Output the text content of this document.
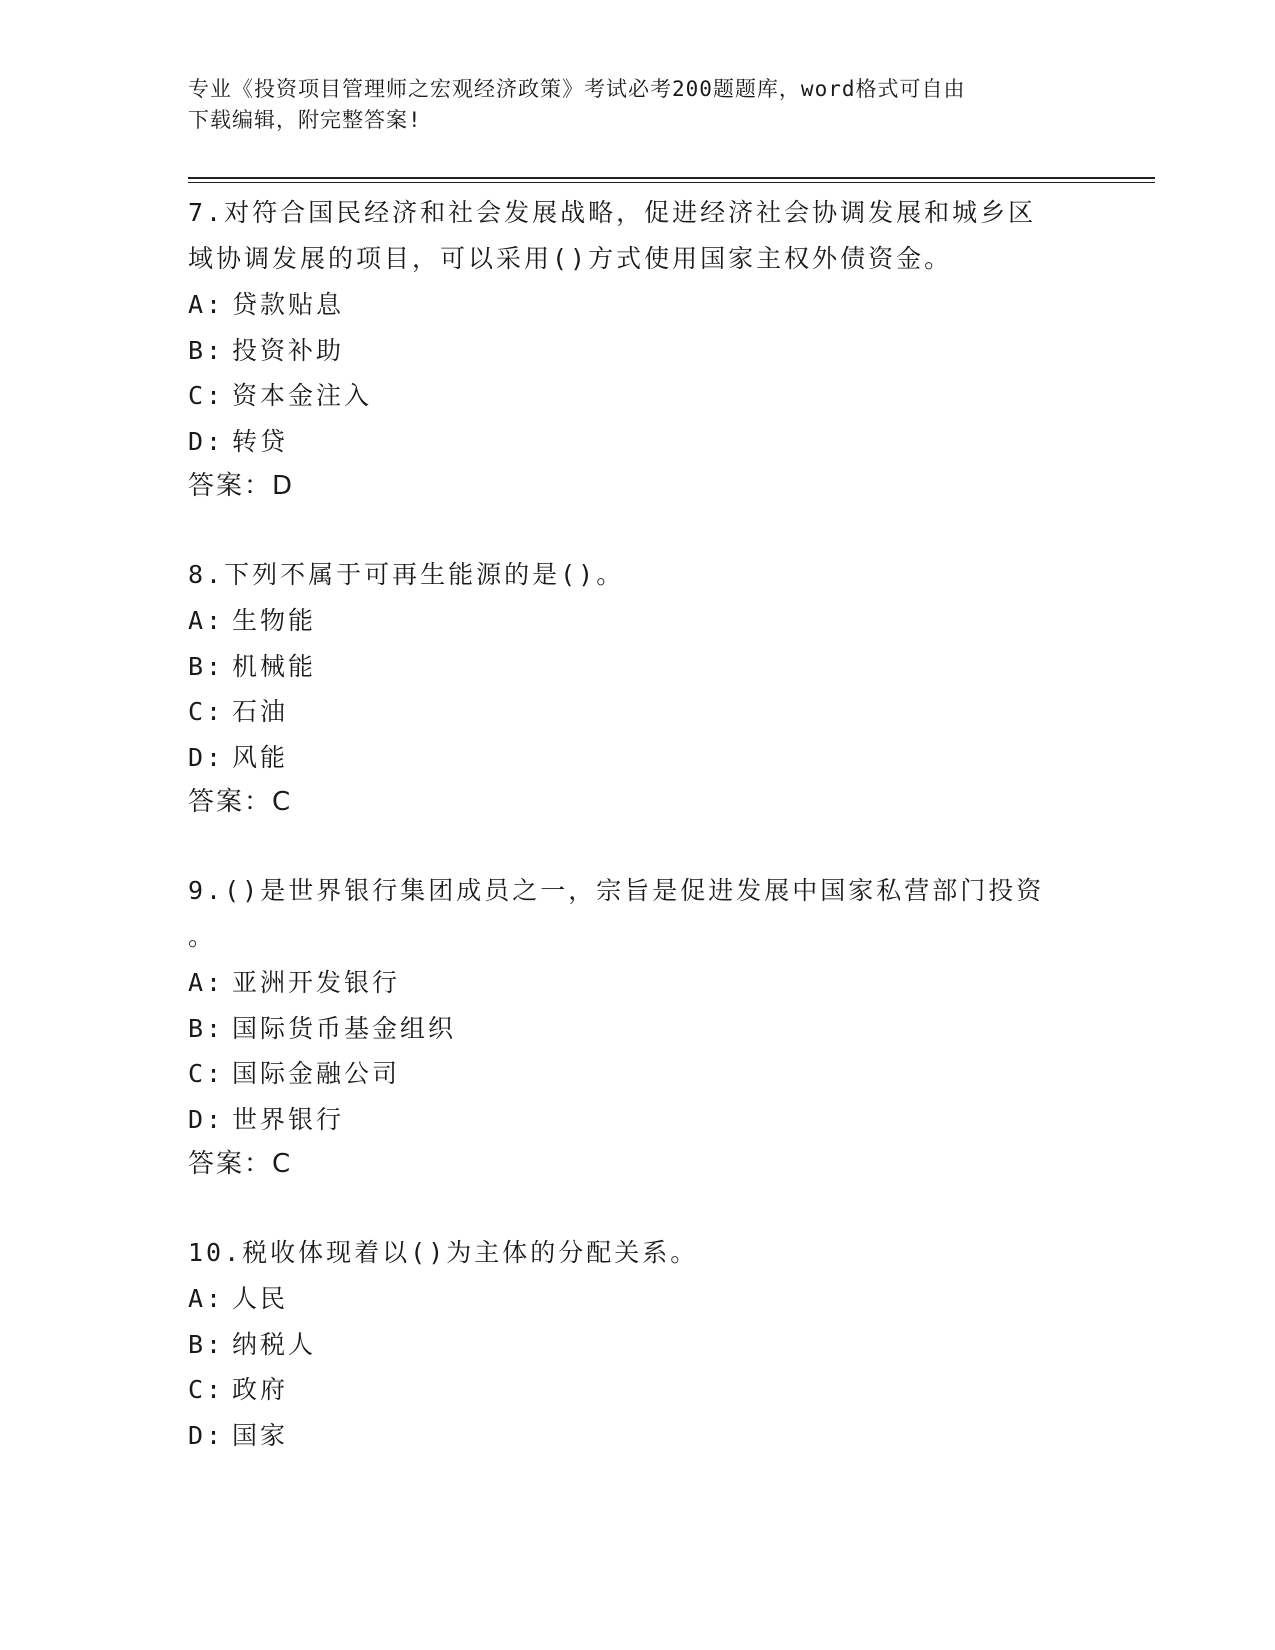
专业《投资项目管理师之宏观经济政策》考试必考200题题库，word格式可自由
下载编辑，附完整答案!

7.对符合国民经济和社会发展战略，促进经济社会协调发展和城乡区
域协调发展的项目，可以采用()方式使用国家主权外债资金。

A: 贷款贴息
B: 投资补助
C: 资本金注入
D: 转贷
答案：D

8.下列不属于可再生能源的是()。

A: 生物能
B: 机械能
C: 石油
D: 风能
答案：C

9.()是世界银行集团成员之一，宗旨是促进发展中国家私营部门投资
。

A: 亚洲开发银行
B: 国际货币基金组织
C: 国际金融公司
D: 世界银行
答案：C

10.税收体现着以()为主体的分配关系。

A: 人民
B: 纳税人
C: 政府
D: 国家
